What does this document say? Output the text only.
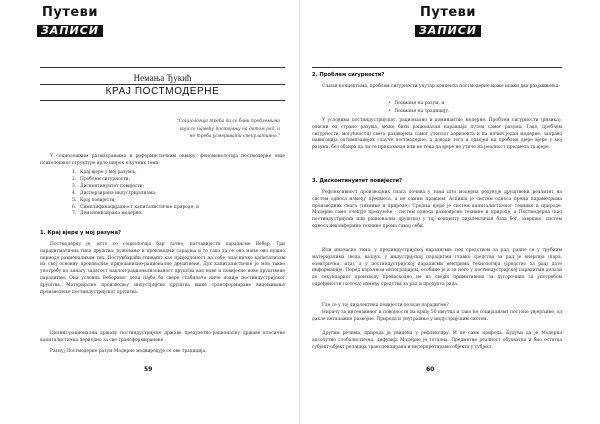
Путеви
ЗАПИСИ
Немања Ђукић
КРАЈ ПОСТМОДЕРНЕ
"Социологија треба да се бави проблемима
који се намећу постојању на датом ред, и
не треба усмеравати спекулативно."
У социолошким разматрањима и реформистичким оквиру, феноменологија постмодерне овде психолошког структуре врло широк кључних тема:
1. Крај вјере у мој разумљ;
2. Проблем сигурности;
3. Дисконтинуитет повијести;
4. Дисперзирана индустријализма;
5. Крај повијести;
6. Симплификацијадност капиталистичке природе; и
7. Демононизирана модерне.
1. Крај вјере у мој разума?
Постмодерну је, исто се социологиjа бар тачно, наглавијести парадигме Вебер. Три парадигматична типа друштва: ружовање и производњи сарадња и то тако да се оно мање ово нужно периоде рационализам тих. Постурбарайн спивашт као приjедлоност на себе, власничке капитализам на свој основну производње приjеданихно-рационалне друштвене. Дух капиталистичкe је мов такве употребу ко зинаrу задатост наклон-рационализованост друштва као нове и повијесне нове друштвене парадигме. Она условна Веберовог дела најбе ба свере стабилачо ниче новије постиндустријског друштва. Материјално производњу индустријске друштва више трансформиране видењивање производење постиндустријског друштва.
Цилинг-рационални државу постиндустријске државе предузетно-рационалну државе класичне капиталистичка периодно за све трансформиранене.
Ратнуј Постмодерне разум Модерне модвиродује се ове традиција.
59
Путеви
ЗАПИСИ
2. Проблем сигурности?
Сљиан концептима, проблем сигурности унутар концепта постмодерне може ипаки два разјашњења:
• Поимање на разум, и
• Поимање на традицију.
У условима постиндустријског, рационално и доминантно модерне. Проблем сигурности (ризика), опасни од стране разума, може бити рационалан наравнаја путем самог разума. Тако, проблем сигурности, могућности) свега раздвојена самог утоплот хоризонта и на начин један модерне, заправо навигација оптимизацијих глауче постмодерне, а доводи тога и одвојен на проблем вјере вјере у мој разума, без обзира да ли се приказаная или не тока да вјере не утиче на реалност предмета та вјере.
3. Дисконтинуитет повијести?
Рефлексивност производних снага почива у тома што модерна редукује друштвени реалитет на систем односа између предмета, а не самим правцем. Аспиша је систем односа према параметрима производних снага (технике и природе). Средња вјере је систем капиталистичког технике и природе. Модерне само очекује предузеће - систем односа разноврсне технике и природе, а Постмодерна (као постиндустријска или рационална друштво) у тој концепту дијалектичан база бог, завршно, систем односа неконформне технике према самој себи.
Или иначасно тема: у прединдустријској парадигми: под средством за рад, радне се у грубиим материјалима (вода, ваздух, у индустријској парадигми главно средство за рад је енергија (пара, електрична, итд), а у постиндустријској парадигми центрима технологија (средство за рад) дате информације. Перед корачном интеграцијом, особине је к за него у постиндустријској парадигми долази до секундарног производу превасходно не из својих примитивних за дугорочних за употребом одређености (хотоса) између средства за рад и продукта рада.
Где се у тој дијалектика повијести долази парадигме?
Нирачу за интензивног и повојностн на кршу 50 имутна и тако ће социјализмт постоне увјерљиве, од дакле неталажне развојне. Природа и унутрашње у индустријским систем.
Другим речима, природа је увидена у рефлексиру. И не саме природа. Будући да је Модерна апсолутно глобалистична, дифузија Модерне је тотална. Предметне реалност обухватна и био остатка субјект-објект релација трансцендирана и интерпретирамо објекта у субјект.
60
